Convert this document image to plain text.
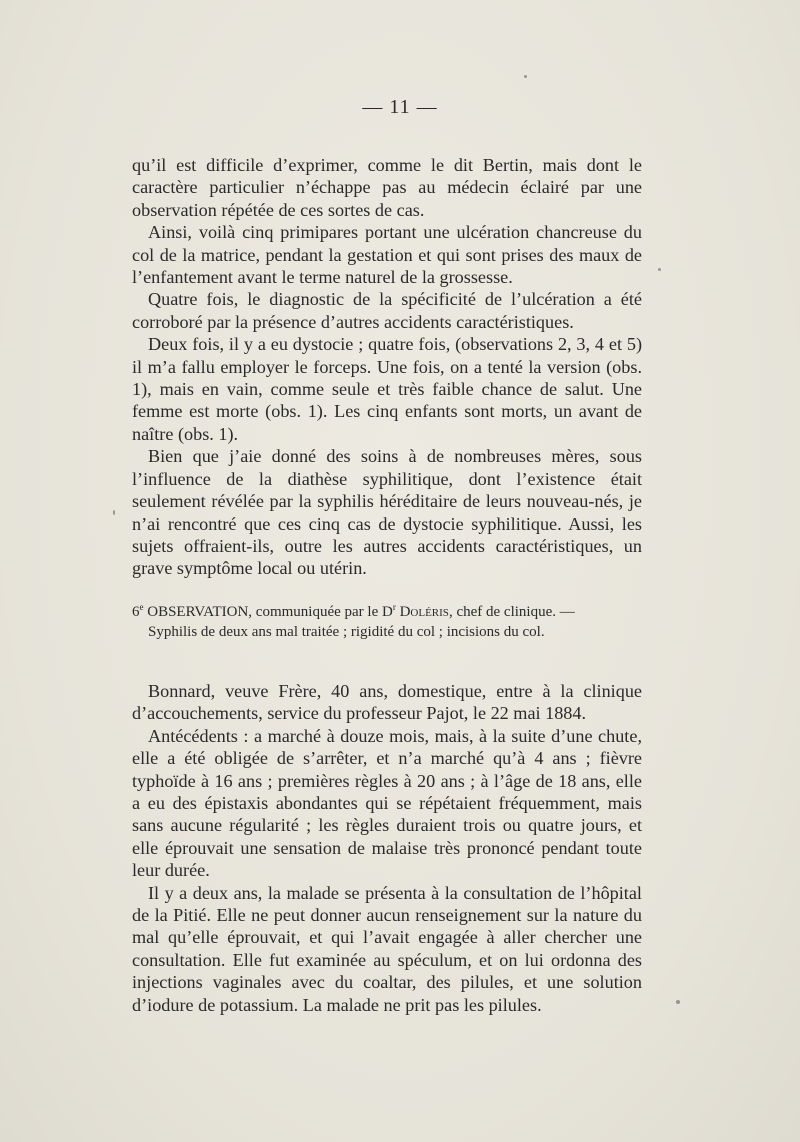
— 11 —

qu’il est difficile d’exprimer, comme le dit Bertin, mais dont le caractère particulier n’échappe pas au médecin éclairé par une observation répétée de ces sortes de cas.

Ainsi, voilà cinq primipares portant une ulcération chancreuse du col de la matrice, pendant la gestation et qui sont prises des maux de l’enfantement avant le terme naturel de la grossesse.

Quatre fois, le diagnostic de la spécificité de l’ulcération a été corroboré par la présence d’autres accidents caractéristiques.

Deux fois, il y a eu dystocie ; quatre fois, (observations 2, 3, 4 et 5) il m’a fallu employer le forceps. Une fois, on a tenté la version (obs. 1), mais en vain, comme seule et très faible chance de salut. Une femme est morte (obs. 1). Les cinq enfants sont morts, un avant de naître (obs. 1).

Bien que j’aie donné des soins à de nombreuses mères, sous l’influence de la diathèse syphilitique, dont l’existence était seulement révélée par la syphilis héréditaire de leurs nouveau-nés, je n’ai rencontré que ces cinq cas de dystocie syphilitique. Aussi, les sujets offraient-ils, outre les autres accidents caractéristiques, un grave symptôme local ou utérin.

6e OBSERVATION, communiquée par le $D^r$ Doléris, chef de clinique. —
Syphilis de deux ans mal traitée ; rigidité du col ; incisions du col.

Bonnard, veuve Frère, 40 ans, domestique, entre à la clinique d’accouchements, service du professeur Pajot, le 22 mai 1884.

Antécédents : a marché à douze mois, mais, à la suite d’une chute, elle a été obligée de s’arrêter, et n’a marché qu’à 4 ans ; fièvre typhoïde à 16 ans ; premières règles à 20 ans ; à l’âge de 18 ans, elle a eu des épistaxis abondantes qui se répétaient fréquemment, mais sans aucune régularité ; les règles duraient trois ou quatre jours, et elle éprouvait une sensation de malaise très prononcé pendant toute leur durée.

Il y a deux ans, la malade se présenta à la consultation de l’hôpital de la Pitié. Elle ne peut donner aucun renseignement sur la nature du mal qu’elle éprouvait, et qui l’avait engagée à aller chercher une consultation. Elle fut examinée au spéculum, et on lui ordonna des injections vaginales avec du coaltar, des pilules, et une solution d’iodure de potassium. La malade ne prit pas les pilules.
